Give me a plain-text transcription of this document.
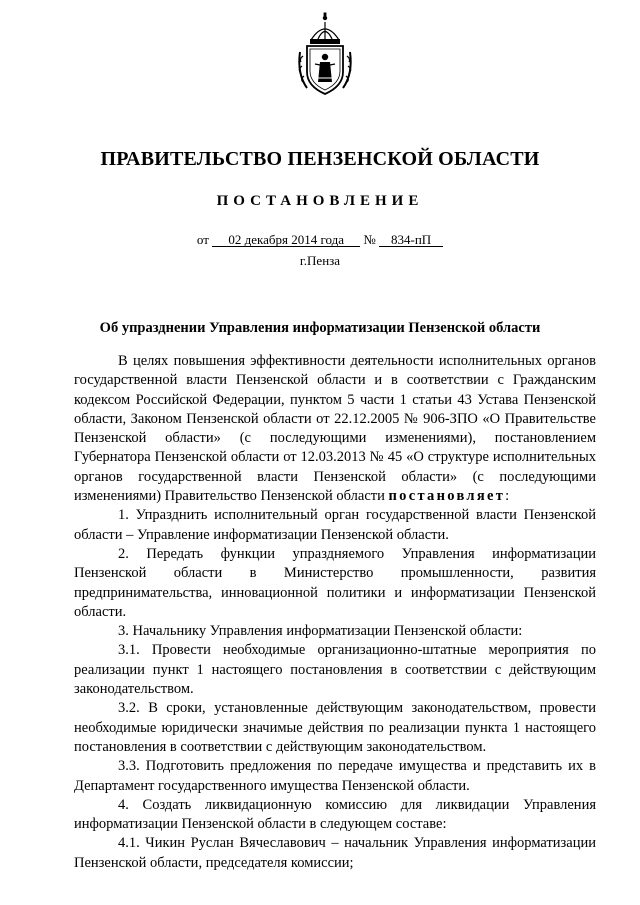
ПРАВИТЕЛЬСТВО ПЕНЗЕНСКОЙ ОБЛАСТИ
ПОСТАНОВЛЕНИЕ
от 02 декабря 2014 года № 834-пП
г.Пенза
Об упразднении Управления информатизации Пензенской области

В целях повышения эффективности деятельности исполнительных органов государственной власти Пензенской области и в соответствии с Гражданским кодексом Российской Федерации, пунктом 5 части 1 статьи 43 Устава Пензенской области, Законом Пензенской области от 22.12.2005 № 906-ЗПО «О Правительстве Пензенской области» (с последующими изменениями), постановлением Губернатора Пензенской области от 12.03.2013 № 45 «О структуре исполнительных органов государственной власти Пензенской области» (с последующими изменениями) Правительство Пензенской области постановляет:

1. Упразднить исполнительный орган государственной власти Пензенской области – Управление информатизации Пензенской области.

2. Передать функции упраздняемого Управления информатизации Пензенской области в Министерство промышленности, развития предпринимательства, инновационной политики и информатизации Пензенской области.

3. Начальнику Управления информатизации Пензенской области:

3.1. Провести необходимые организационно-штатные мероприятия по реализации пункт 1 настоящего постановления в соответствии с действующим законодательством.

3.2. В сроки, установленные действующим законодательством, провести необходимые юридически значимые действия по реализации пункта 1 настоящего постановления в соответствии с действующим законодательством.

3.3. Подготовить предложения по передаче имущества и представить их в Департамент государственного имущества Пензенской области.

4. Создать ликвидационную комиссию для ликвидации Управления информатизации Пензенской области в следующем составе:

4.1. Чикин Руслан Вячеславович – начальник Управления информатизации Пензенской области, председателя комиссии;
